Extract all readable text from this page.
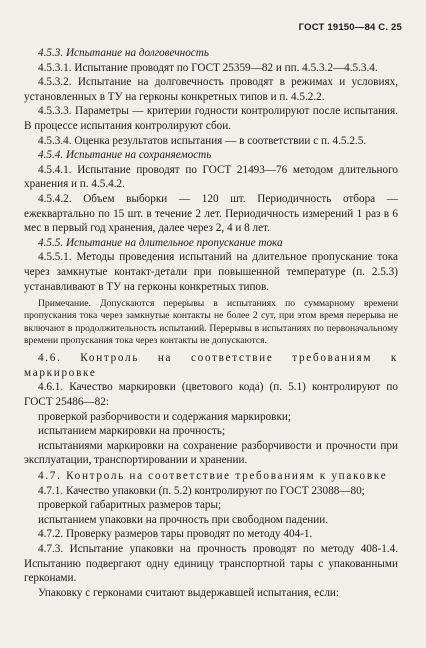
ГОСТ 19150—84 С. 25

4.5.3. Испытание на долговечность

4.5.3.1. Испытание проводят по ГОСТ 25359—82 и пп. 4.5.3.2—4.5.3.4.

4.5.3.2. Испытание на долговечность проводят в режимах и условиях, установленных в ТУ на герконы конкретных типов и п. 4.5.2.2.

4.5.3.3. Параметры — критерии годности контролируют после испытания. В процессе испытания контролируют сбои.

4.5.3.4. Оценка результатов испытания — в соответствии с п. 4.5.2.5.

4.5.4. Испытание на сохраняемость

4.5.4.1. Испытание проводят по ГОСТ 21493—76 методом длительного хранения и п. 4.5.4.2.

4.5.4.2. Объем выборки — 120 шт. Периодичность отбора — ежеквартально по 15 шт. в течение 2 лет. Периодичность измерений 1 раз в 6 мес в первый год хранения, далее через 2, 4 и 8 лет.

4.5.5. Испытание на длительное пропускание тока

4.5.5.1. Методы проведения испытаний на длительное пропускание тока через замкнутые контакт-детали при повышенной температуре (п. 2.5.3) устанавливают в ТУ на герконы конкретных типов.

Примечание. Допускаются перерывы в испытаниях по суммарному времени пропускания тока через замкнутые контакты не более 2 сут, при этом время перерыва не включают в продолжительность испытаний. Перерывы в испытаниях по первоначальному времени пропускания тока через контакты не допускаются.

4.6. Контроль на соответствие требованиям к маркировке

4.6.1. Качество маркировки (цветового кода) (п. 5.1) контролируют по ГОСТ 25486—82:

проверкой разборчивости и содержания маркировки;

испытанием маркировки на прочность;

испытаниями маркировки на сохранение разборчивости и прочности при эксплуатации, транспортировании и хранении.

4.7. Контроль на соответствие требованиям к упаковке

4.7.1. Качество упаковки (п. 5.2) контролируют по ГОСТ 23088—80;

проверкой габаритных размеров тары;

испытанием упаковки на прочность при свободном падении.

4.7.2. Проверку размеров тары проводят по методу 404-1.

4.7.3. Испытание упаковки на прочность проводят по методу 408-1.4. Испытанию подвергают одну единицу транспортной тары с упакованными герконами.

Упаковку с герконами считают выдержавшей испытания, если:
